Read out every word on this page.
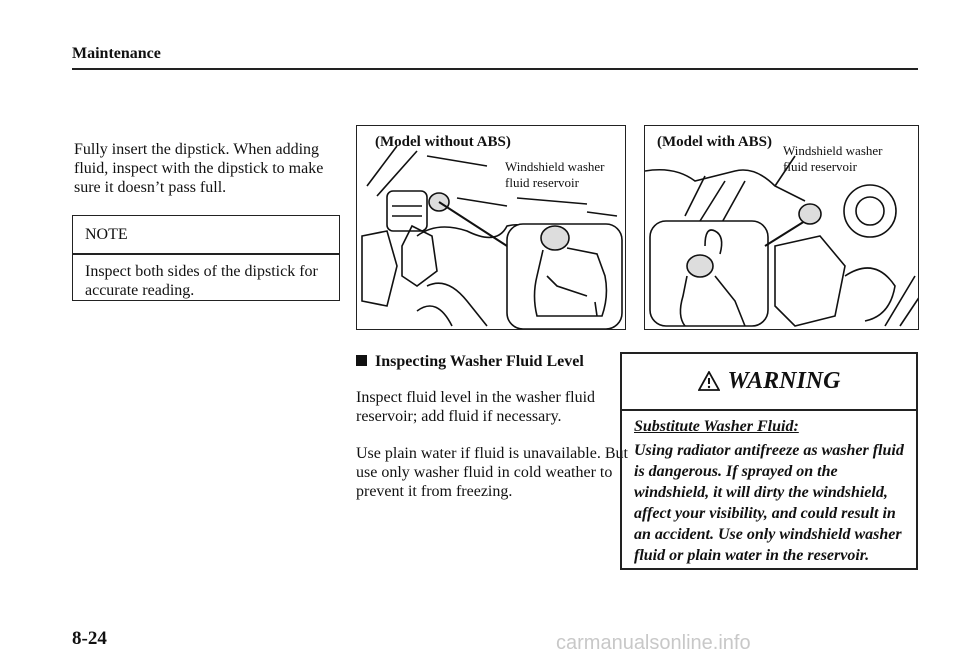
Maintenance
Fully insert the dipstick. When adding fluid, inspect with the dipstick to make sure it doesn’t pass full.
NOTE
Inspect both sides of the dipstick for accurate reading.
(Model without ABS)
Windshield washer
fluid reservoir
(Model with ABS)
Windshield washer
fluid reservoir
Inspecting Washer Fluid Level
Inspect fluid level in the washer fluid reservoir; add fluid if necessary.
Use plain water if fluid is unavailable. But use only washer fluid in cold weather to prevent it from freezing.
WARNING
Substitute Washer Fluid:
Using radiator antifreeze as washer fluid is dangerous. If sprayed on the windshield, it will dirty the windshield, affect your visibility, and could result in an accident. Use only windshield washer fluid or plain water in the reservoir.
8-24	carmanualsonline.info
